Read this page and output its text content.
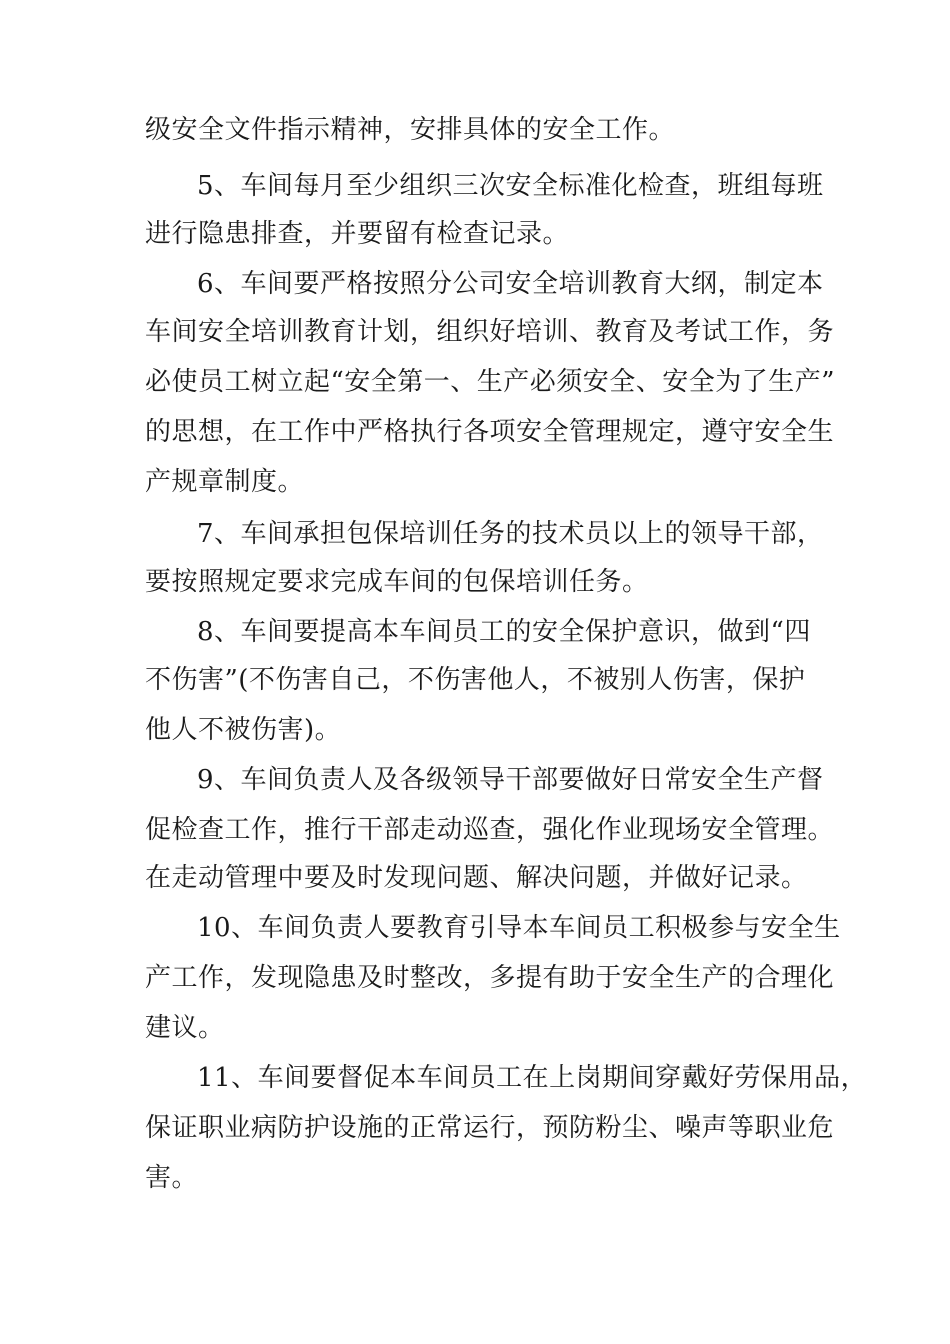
级安全文件指示精神，安排具体的安全工作。
5、车间每月至少组织三次安全标准化检查，班组每班
进行隐患排查，并要留有检查记录。
6、车间要严格按照分公司安全培训教育大纲，制定本
车间安全培训教育计划，组织好培训、教育及考试工作，务
必使员工树立起“安全第一、生产必须安全、安全为了生产”
的思想，在工作中严格执行各项安全管理规定，遵守安全生
产规章制度。
7、车间承担包保培训任务的技术员以上的领导干部，
要按照规定要求完成车间的包保培训任务。
8、车间要提高本车间员工的安全保护意识，做到“四
不伤害”(不伤害自己，不伤害他人，不被别人伤害，保护
他人不被伤害)。
9、车间负责人及各级领导干部要做好日常安全生产督
促检查工作，推行干部走动巡查，强化作业现场安全管理。
在走动管理中要及时发现问题、解决问题，并做好记录。
10、车间负责人要教育引导本车间员工积极参与安全生
产工作，发现隐患及时整改，多提有助于安全生产的合理化
建议。
11、车间要督促本车间员工在上岗期间穿戴好劳保用品，
保证职业病防护设施的正常运行，预防粉尘、噪声等职业危
害。
